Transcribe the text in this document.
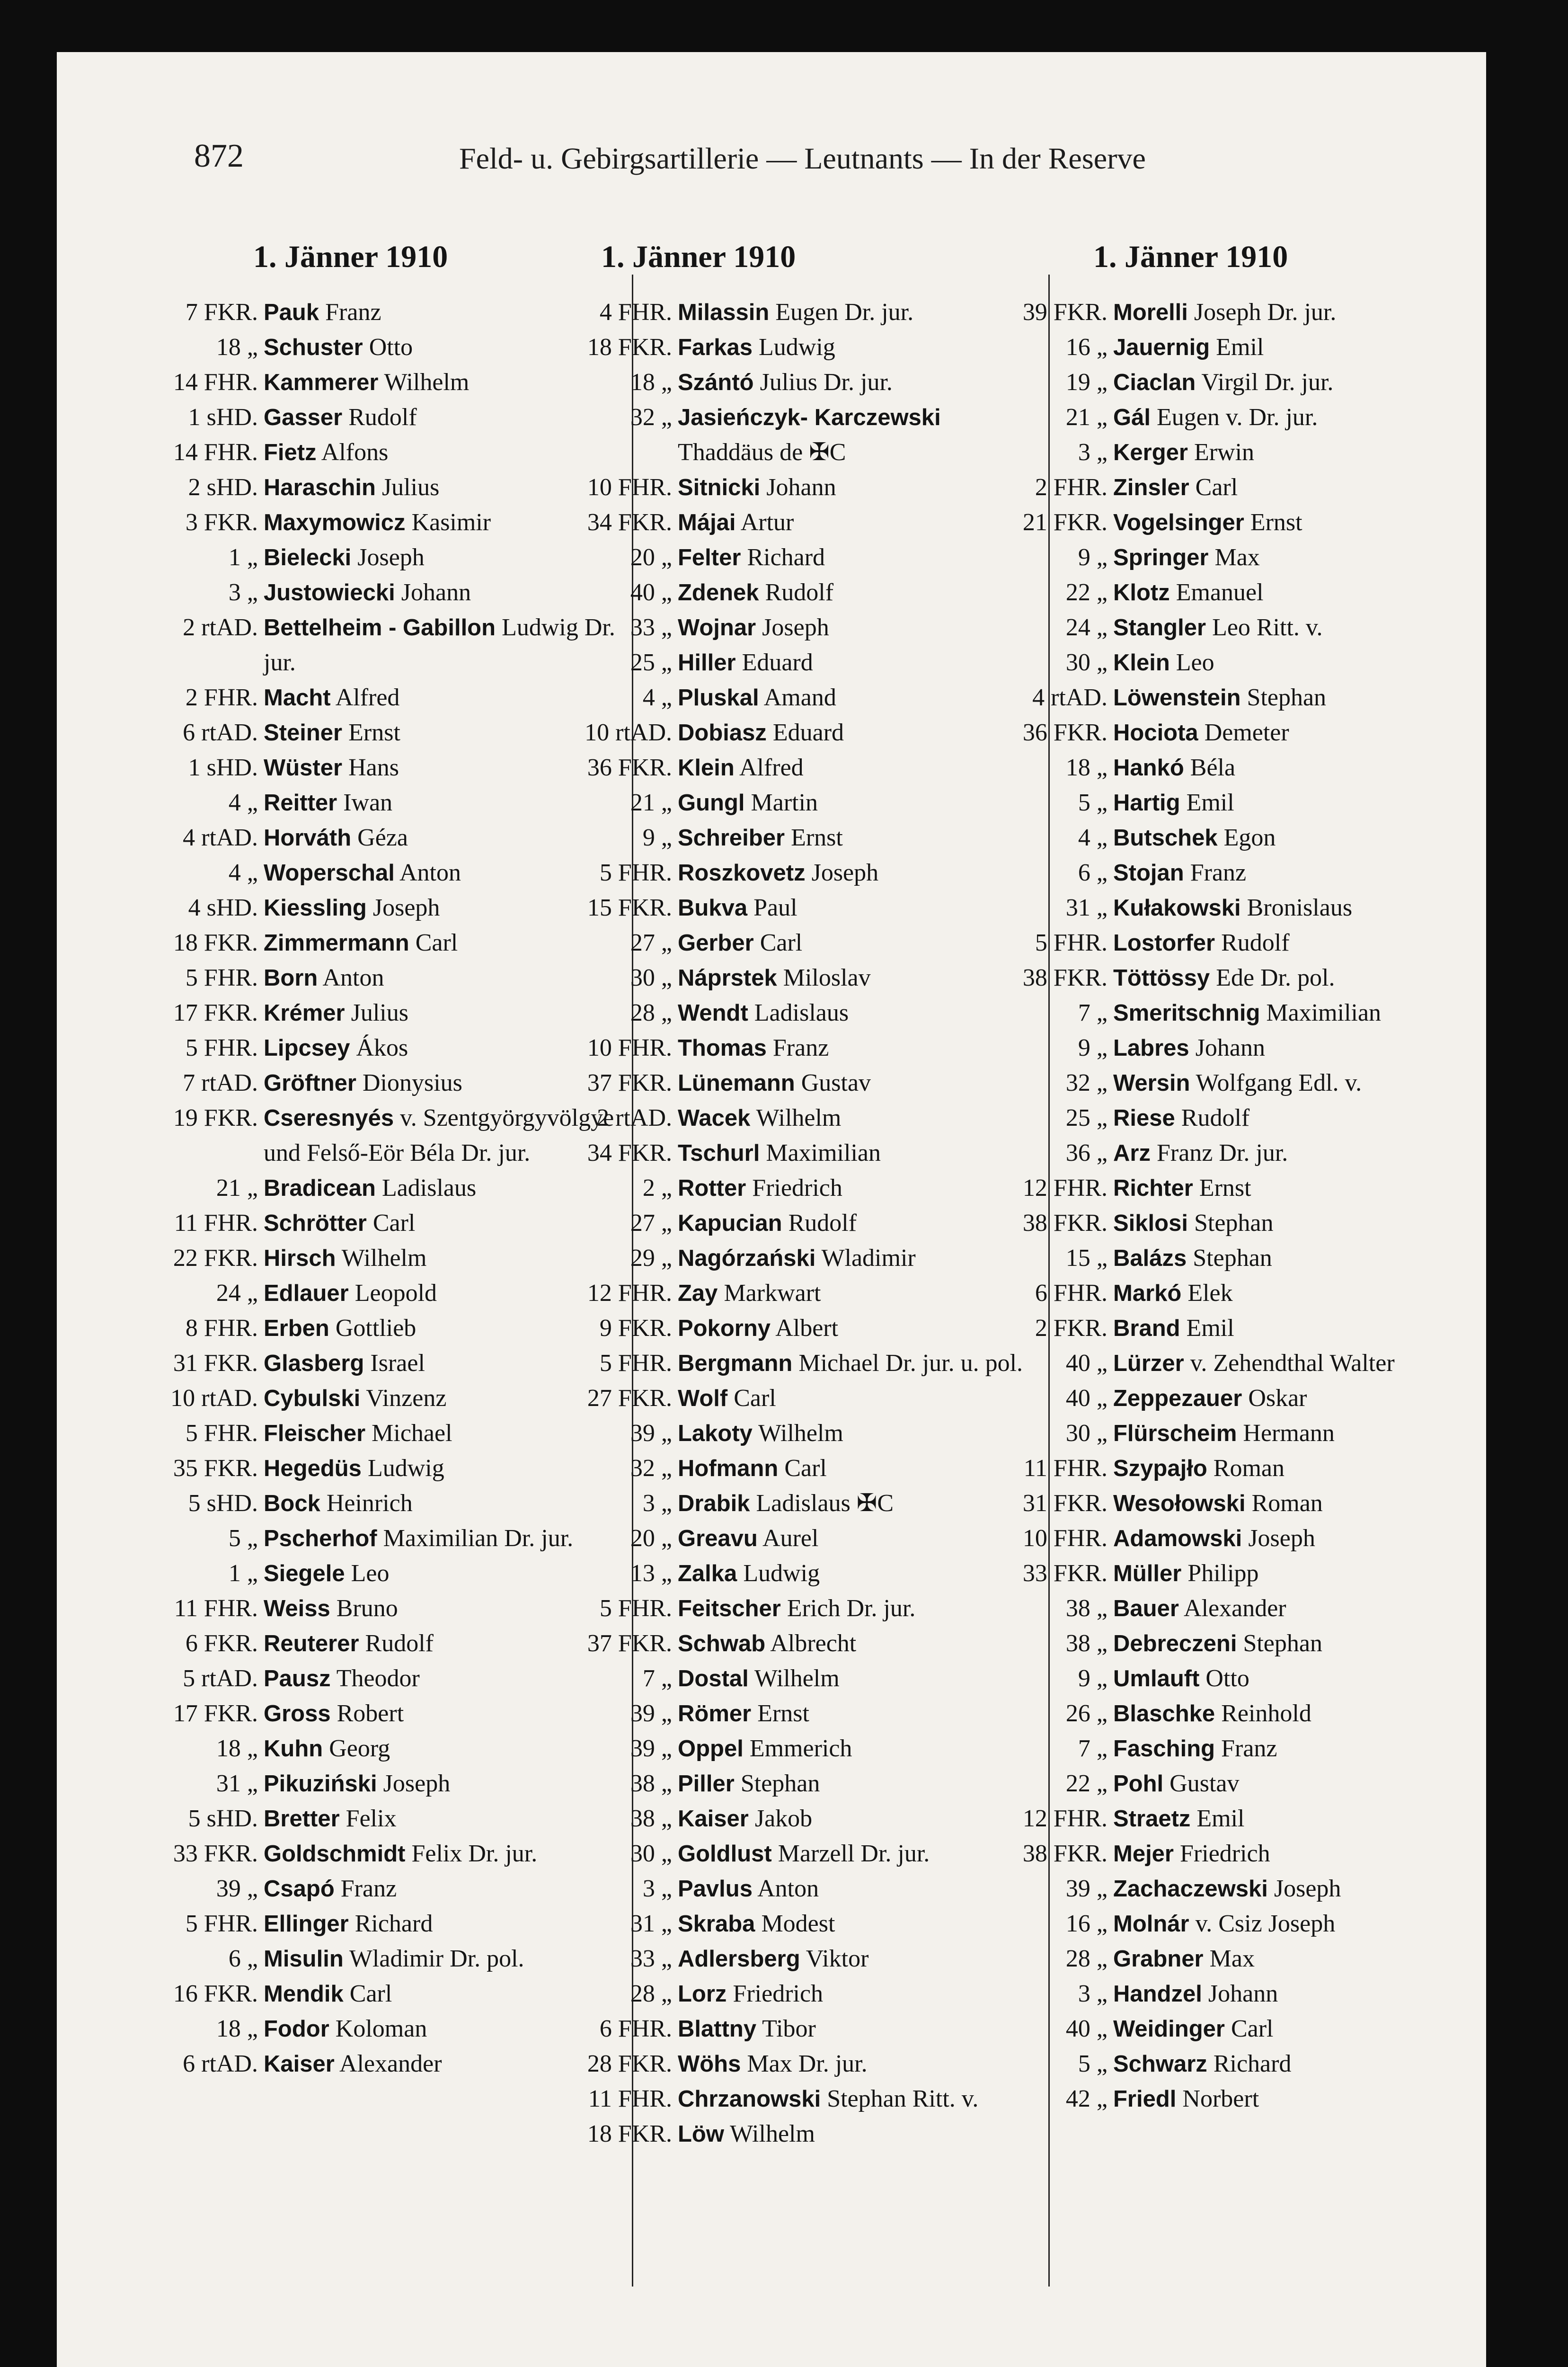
872	Feld- u. Gebirgsartillerie — Leutnants — In der Reserve
1. Jänner 1910
7 FKR. Pauk Franz
18 „ Schuster Otto
14 FHR. Kammerer Wilhelm
1 sHD. Gasser Rudolf
14 FHR. Fietz Alfons
2 sHD. Haraschin Julius
3 FKR. Maxymowicz Kasimir
1 „ Bielecki Joseph
3 „ Justowiecki Johann
2 rtAD. Bettelheim - Gabillon Ludwig Dr. jur.
2 FHR. Macht Alfred
6 rtAD. Steiner Ernst
1 sHD. Wüster Hans
4 „ Reitter Iwan
4 rtAD. Horváth Géza
4 „ Woperschal Anton
4 sHD. Kiessling Joseph
18 FKR. Zimmermann Carl
5 FHR. Born Anton
17 FKR. Krémer Julius
5 FHR. Lipcsey Ákos
7 rtAD. Gröftner Dionysius
19 FKR. Cseresnyés v. Szentgyörgyvölgye und Felső-Eör Béla Dr. jur.
21 „ Bradicean Ladislaus
11 FHR. Schrötter Carl
22 FKR. Hirsch Wilhelm
24 „ Edlauer Leopold
8 FHR. Erben Gottlieb
31 FKR. Glasberg Israel
10 rtAD. Cybulski Vinzenz
5 FHR. Fleischer Michael
35 FKR. Hegedüs Ludwig
5 sHD. Bock Heinrich
5 „ Pscherhof Maximilian Dr. jur.
1 „ Siegele Leo
11 FHR. Weiss Bruno
6 FKR. Reuterer Rudolf
5 rtAD. Pausz Theodor
17 FKR. Gross Robert
18 „ Kuhn Georg
31 „ Pikuziński Joseph
5 sHD. Bretter Felix
33 FKR. Goldschmidt Felix Dr. jur.
39 „ Csapó Franz
5 FHR. Ellinger Richard
6 „ Misulin Wladimir Dr. pol.
16 FKR. Mendik Carl
18 „ Fodor Koloman
6 rtAD. Kaiser Alexander
1. Jänner 1910
4 FHR. Milassin Eugen Dr. jur.
18 FKR. Farkas Ludwig
18 „ Szántó Julius Dr. jur.
32 „ Jasieńczyk- Karczewski Thaddäus de ✠C
10 FHR. Sitnicki Johann
34 FKR. Májai Artur
20 „ Felter Richard
40 „ Zdenek Rudolf
33 „ Wojnar Joseph
25 „ Hiller Eduard
4 „ Pluskal Amand
10 rtAD. Dobiasz Eduard
36 FKR. Klein Alfred
21 „ Gungl Martin
9 „ Schreiber Ernst
5 FHR. Roszkovetz Joseph
15 FKR. Bukva Paul
27 „ Gerber Carl
30 „ Náprstek Miloslav
28 „ Wendt Ladislaus
10 FHR. Thomas Franz
37 FKR. Lünemann Gustav
2 rtAD. Wacek Wilhelm
34 FKR. Tschurl Maximilian
2 „ Rotter Friedrich
27 „ Kapucian Rudolf
29 „ Nagórzański Wladimir
12 FHR. Zay Markwart
9 FKR. Pokorny Albert
5 FHR. Bergmann Michael Dr. jur. u. pol.
27 FKR. Wolf Carl
39 „ Lakoty Wilhelm
32 „ Hofmann Carl
3 „ Drabik Ladislaus ✠C
20 „ Greavu Aurel
13 „ Zalka Ludwig
5 FHR. Feitscher Erich Dr. jur.
37 FKR. Schwab Albrecht
7 „ Dostal Wilhelm
39 „ Römer Ernst
39 „ Oppel Emmerich
38 „ Piller Stephan
38 „ Kaiser Jakob
30 „ Goldlust Marzell Dr. jur.
3 „ Pavlus Anton
31 „ Skraba Modest
33 „ Adlersberg Viktor
28 „ Lorz Friedrich
6 FHR. Blattny Tibor
28 FKR. Wöhs Max Dr. jur.
11 FHR. Chrzanowski Stephan Ritt. v.
18 FKR. Löw Wilhelm
1. Jänner 1910
39 FKR. Morelli Joseph Dr. jur.
16 „ Jauernig Emil
19 „ Ciaclan Virgil Dr. jur.
21 „ Gál Eugen v. Dr. jur.
3 „ Kerger Erwin
2 FHR. Zinsler Carl
21 FKR. Vogelsinger Ernst
9 „ Springer Max
22 „ Klotz Emanuel
24 „ Stangler Leo Ritt. v.
30 „ Klein Leo
4 rtAD. Löwenstein Stephan
36 FKR. Hociota Demeter
18 „ Hankó Béla
5 „ Hartig Emil
4 „ Butschek Egon
6 „ Stojan Franz
31 „ Kułakowski Bronislaus
5 FHR. Lostorfer Rudolf
38 FKR. Töttössy Ede Dr. pol.
7 „ Smeritschnig Maximilian
9 „ Labres Johann
32 „ Wersin Wolfgang Edl. v.
25 „ Riese Rudolf
36 „ Arz Franz Dr. jur.
12 FHR. Richter Ernst
38 FKR. Siklosi Stephan
15 „ Balázs Stephan
6 FHR. Markó Elek
2 FKR. Brand Emil
40 „ Lürzer v. Zehendthal Walter
40 „ Zeppezauer Oskar
30 „ Flürscheim Hermann
11 FHR. Szypajło Roman
31 FKR. Wesołowski Roman
10 FHR. Adamowski Joseph
33 FKR. Müller Philipp
38 „ Bauer Alexander
38 „ Debreczeni Stephan
9 „ Umlauft Otto
26 „ Blaschke Reinhold
7 „ Fasching Franz
22 „ Pohl Gustav
12 FHR. Straetz Emil
38 FKR. Mejer Friedrich
39 „ Zachaczewski Joseph
16 „ Molnár v. Csiz Joseph
28 „ Grabner Max
3 „ Handzel Johann
40 „ Weidinger Carl
5 „ Schwarz Richard
42 „ Friedl Norbert
